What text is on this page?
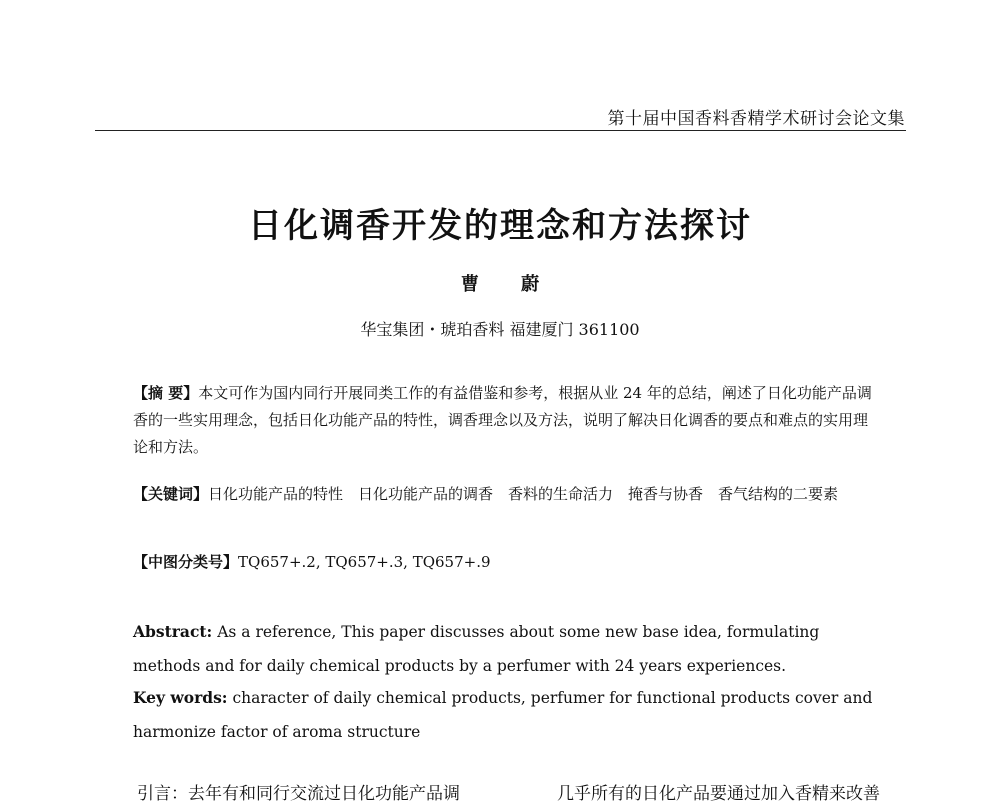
第十届中国香料香精学术研讨会论文集
日化调香开发的理念和方法探讨
曹 蔚
华宝集团・琥珀香料 福建厦门 361100
【摘 要】本文可作为国内同行开展同类工作的有益借鉴和参考，根据从业 24 年的总结，阐述了日化功能产品调香的一些实用理念，包括日化功能产品的特性，调香理念以及方法，说明了解决日化调香的要点和难点的实用理论和方法。
【关键词】日化功能产品的特性　日化功能产品的调香　香料的生命活力　掩香与协香　香气结构的二要素
【中图分类号】TQ657+.2, TQ657+.3, TQ657+.9
Abstract: As a reference, This paper discusses about some new base idea, formulating methods and for daily chemical products by a perfumer with 24 years experiences.
Key words: character of daily chemical products, perfumer for functional products cover and harmonize factor of aroma structure
引言：去年有和同行交流过日化功能产品调	几乎所有的日化产品要通过加入香精来改善
